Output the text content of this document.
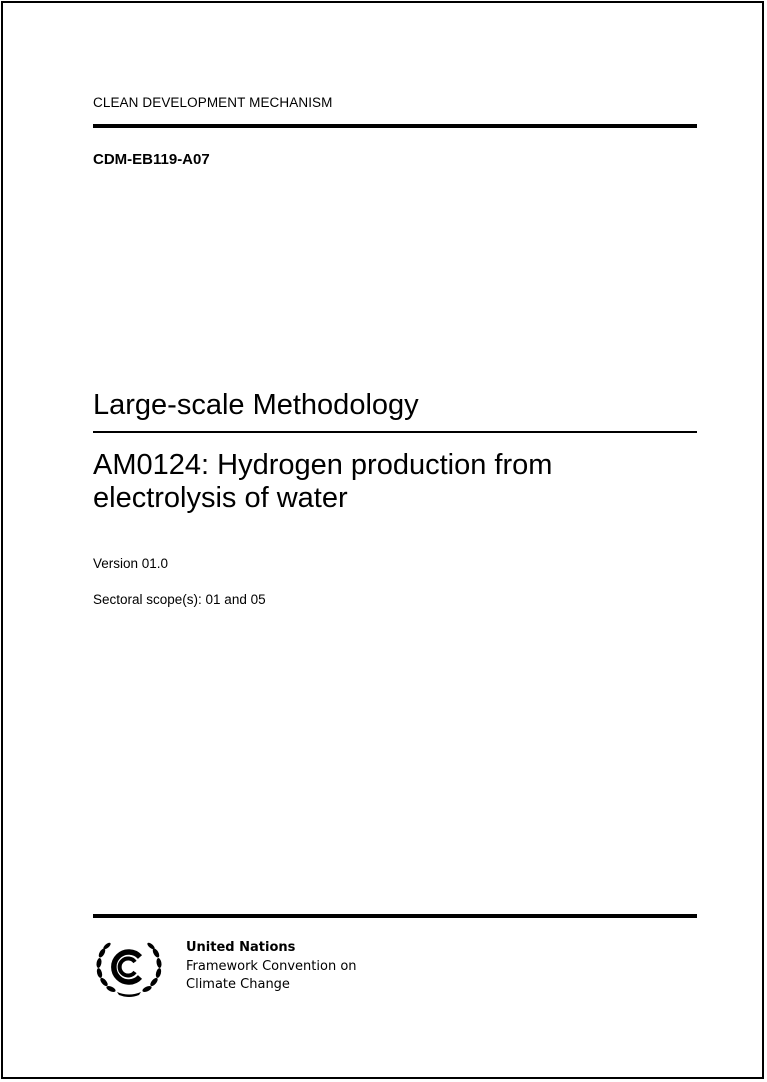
CLEAN DEVELOPMENT MECHANISM
CDM-EB119-A07
Large-scale Methodology
AM0124: Hydrogen production from electrolysis of water
Version 01.0
Sectoral scope(s): 01 and 05
United Nations
Framework Convention on
Climate Change
